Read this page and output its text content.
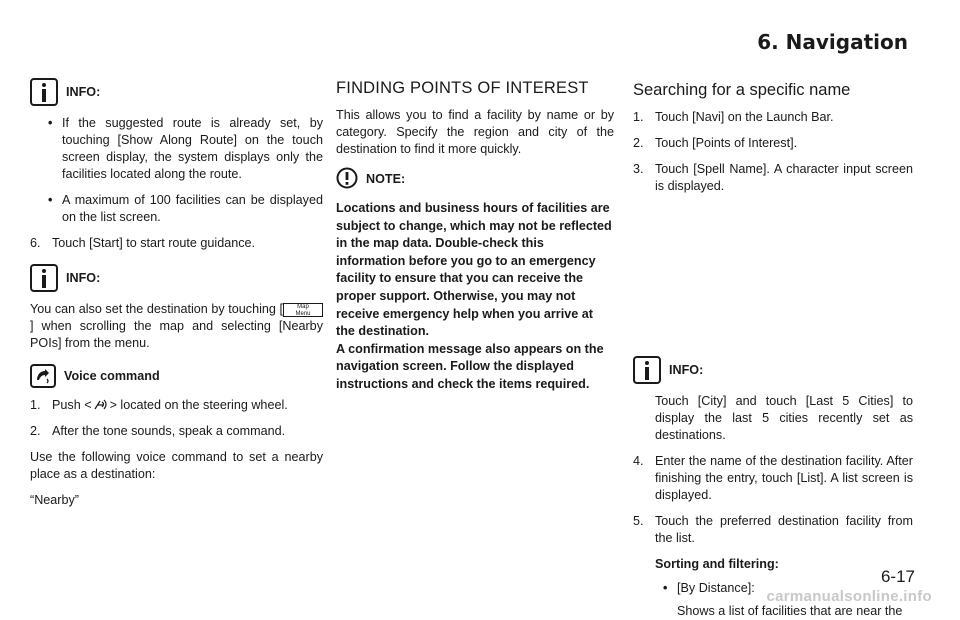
6. Navigation
INFO:
• If the suggested route is already set, by touching [Show Along Route] on the touch screen display, the system displays only the facilities located along the route.
• A maximum of 100 facilities can be displayed on the list screen.
6. Touch [Start] to start route guidance.
INFO:

You can also set the destination by touching [ Map
Menu] when scrolling the map and selecting [Nearby POIs] from the menu.

Voice command
1. Push < > located on the steering wheel.
2. After the tone sounds, speak a command.

Use the following voice command to set a nearby place as a destination:

“Nearby”

FINDING POINTS OF INTEREST

This allows you to find a facility by name or by category. Specify the region and city of the destination to find it more quickly.

NOTE:
Locations and business hours of facilities are subject to change, which may not be reflected in the map data. Double-check this information before you go to an emergency facility to ensure that you can receive the proper support. Otherwise, you may not receive emergency help when you arrive at the destination.
A confirmation message also appears on the navigation screen. Follow the displayed instructions and check the items required.
Searching for a specific name
1. Touch [Navi] on the Launch Bar.
2. Touch [Points of Interest].
3. Touch [Spell Name]. A character input screen is displayed.
INFO:

Touch [City] and touch [Last 5 Cities] to display the last 5 cities recently set as destinations.

4. Enter the name of the destination facility. After finishing the entry, touch [List]. A list screen is displayed.
5. Touch the preferred destination facility from the list.
Sorting and filtering:
• [By Distance]:
Shows a list of facilities that are near the
6-17
carmanualsonline.info
